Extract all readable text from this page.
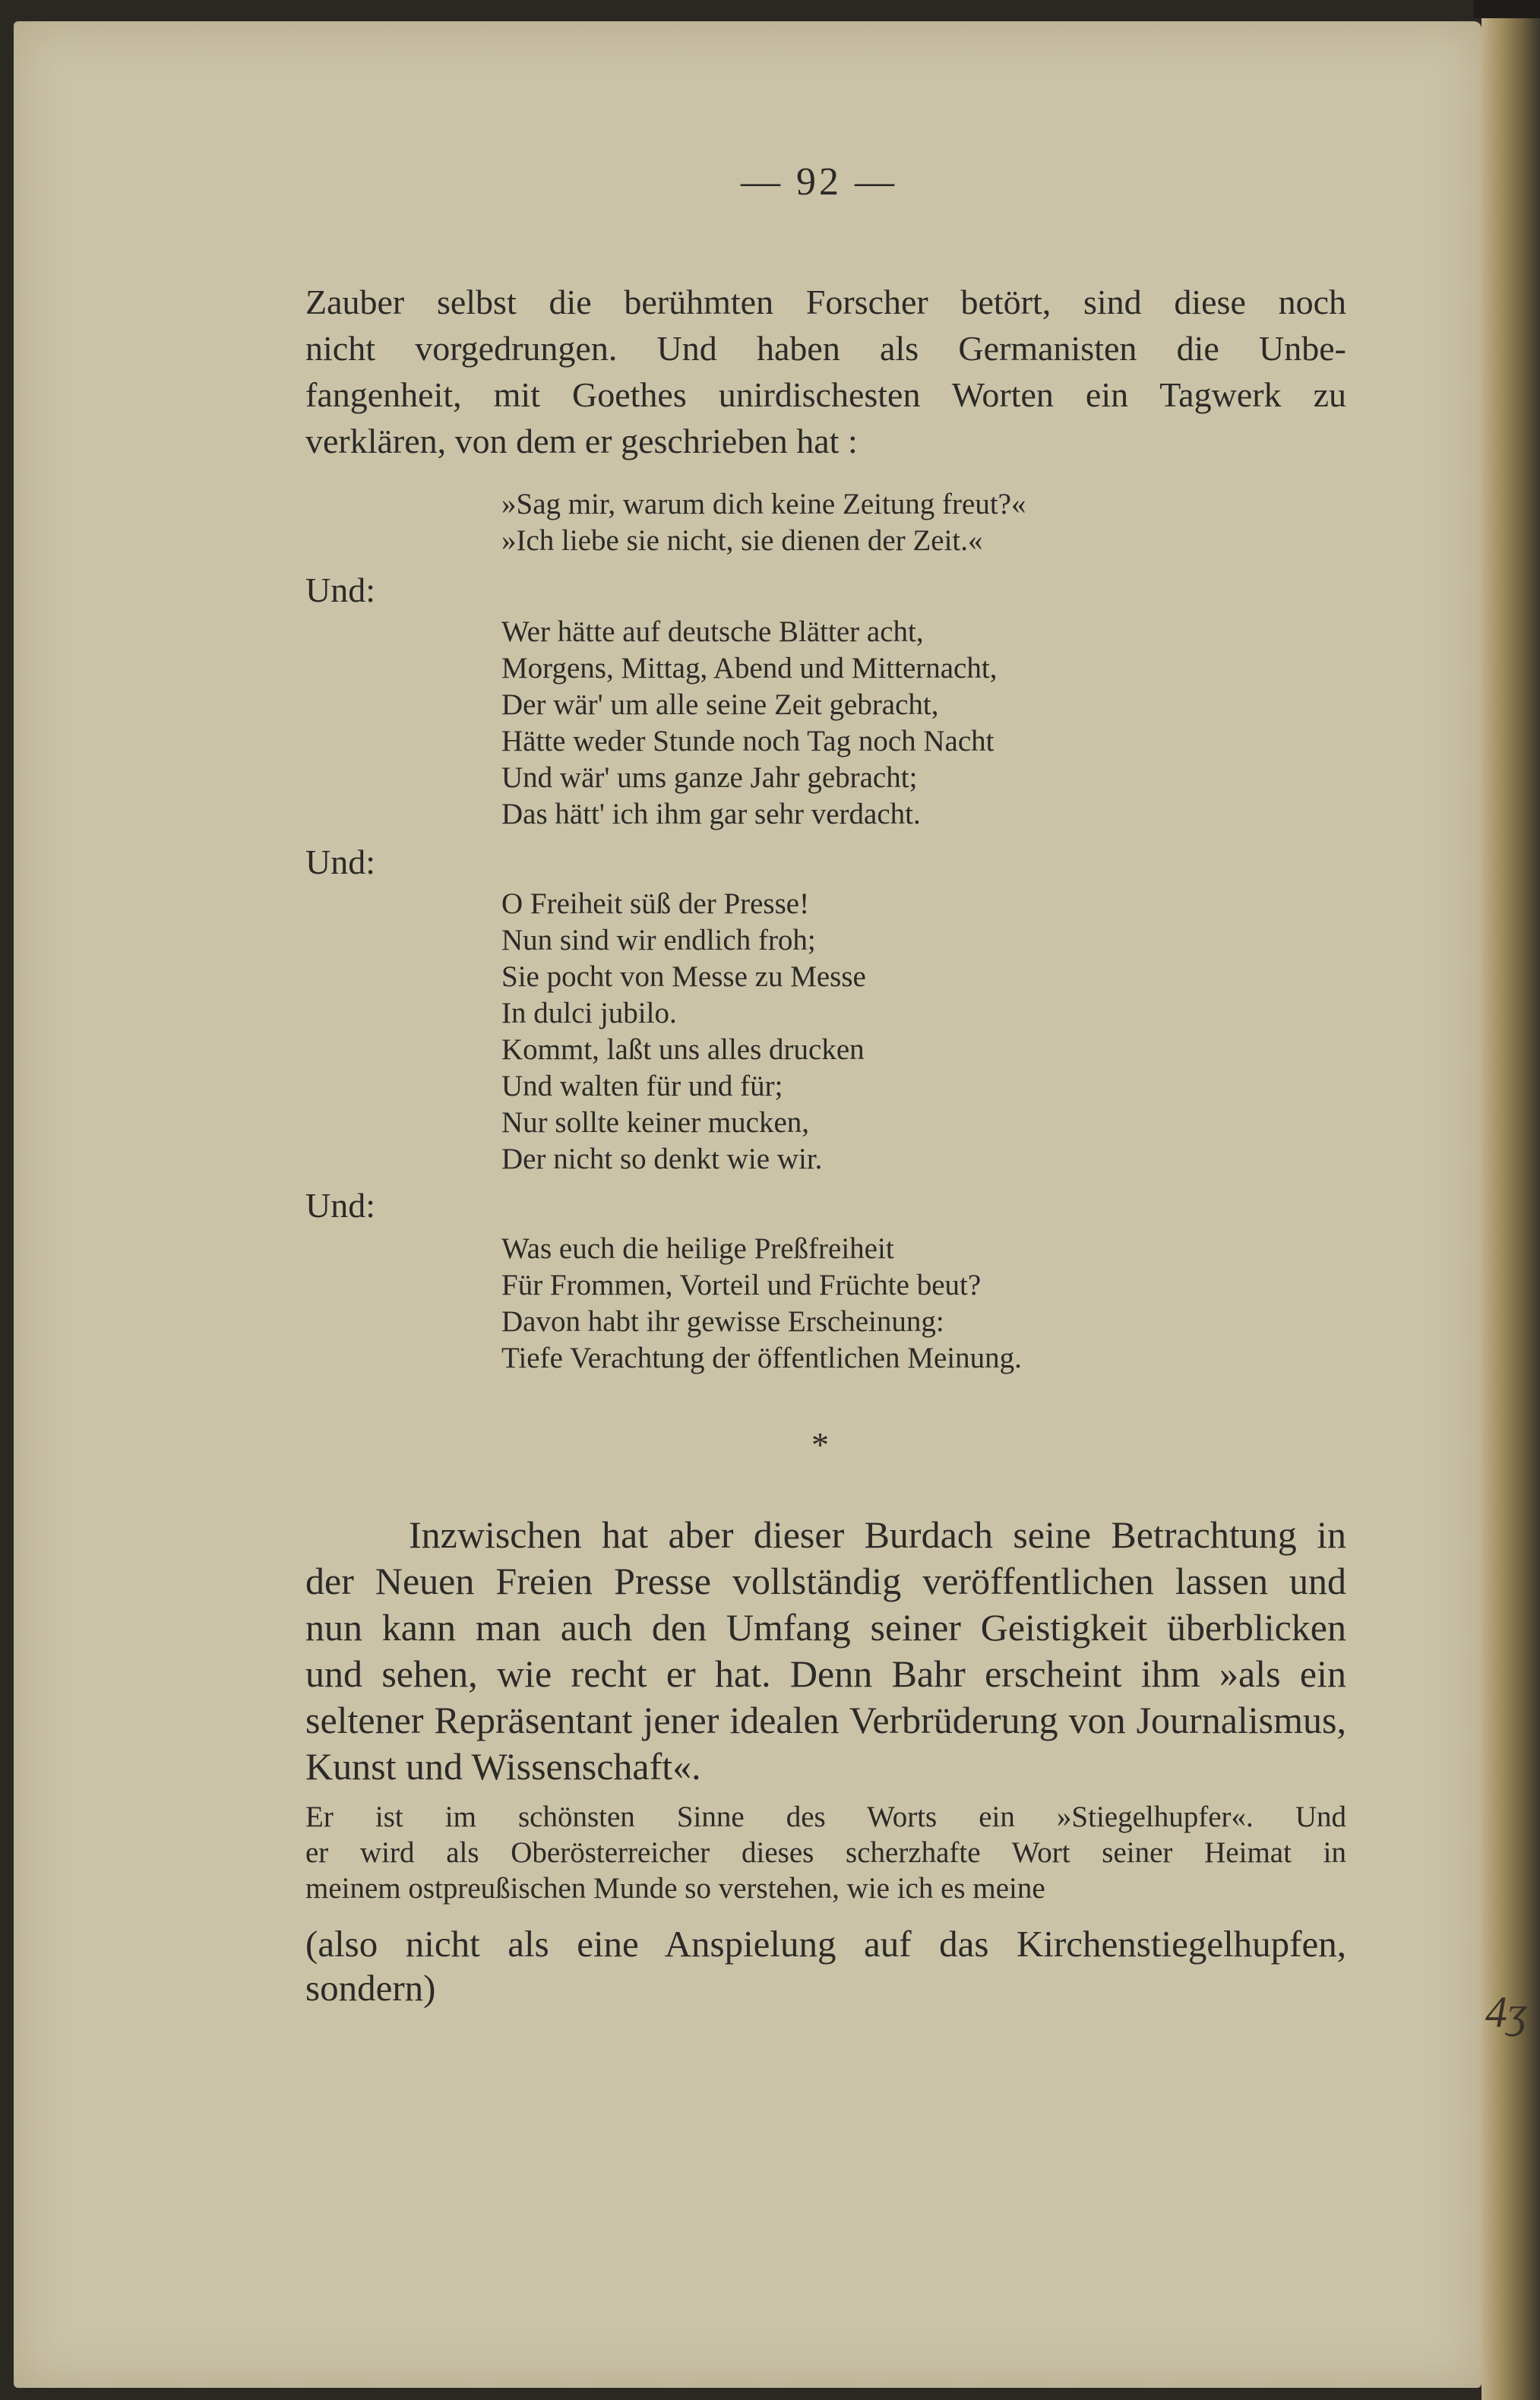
— 92 —
Zauber selbst die berühmten Forscher betört, sind diese noch
nicht vorgedrungen. Und haben als Germanisten die Unbe-
fangenheit, mit Goethes unirdischesten Worten ein Tagwerk zu
verklären, von dem er geschrieben hat :
»Sag mir, warum dich keine Zeitung freut?«
»Ich liebe sie nicht, sie dienen der Zeit.«
Und:
Wer hätte auf deutsche Blätter acht,
Morgens, Mittag, Abend und Mitternacht,
Der wär' um alle seine Zeit gebracht,
Hätte weder Stunde noch Tag noch Nacht
Und wär' ums ganze Jahr gebracht;
Das hätt' ich ihm gar sehr verdacht.
Und:
O Freiheit süß der Presse!
Nun sind wir endlich froh;
Sie pocht von Messe zu Messe
In dulci jubilo.
Kommt, laßt uns alles drucken
Und walten für und für;
Nur sollte keiner mucken,
Der nicht so denkt wie wir.
Und:
Was euch die heilige Preßfreiheit
Für Frommen, Vorteil und Früchte beut?
Davon habt ihr gewisse Erscheinung:
Tiefe Verachtung der öffentlichen Meinung.
*
Inzwischen hat aber dieser Burdach seine Betrachtung in
der Neuen Freien Presse vollständig veröffentlichen lassen und
nun kann man auch den Umfang seiner Geistigkeit überblicken
und sehen, wie recht er hat. Denn Bahr erscheint ihm »als ein
seltener Repräsentant jener idealen Verbrüderung von Journalismus,
Kunst und Wissenschaft«.
Er ist im schönsten Sinne des Worts ein »Stiegelhupfer«. Und
er wird als Oberösterreicher dieses scherzhafte Wort seiner Heimat in
meinem ostpreußischen Munde so verstehen, wie ich es meine
(also nicht als eine Anspielung auf das Kirchenstiegelhupfen,
sondern)	4ʒ
